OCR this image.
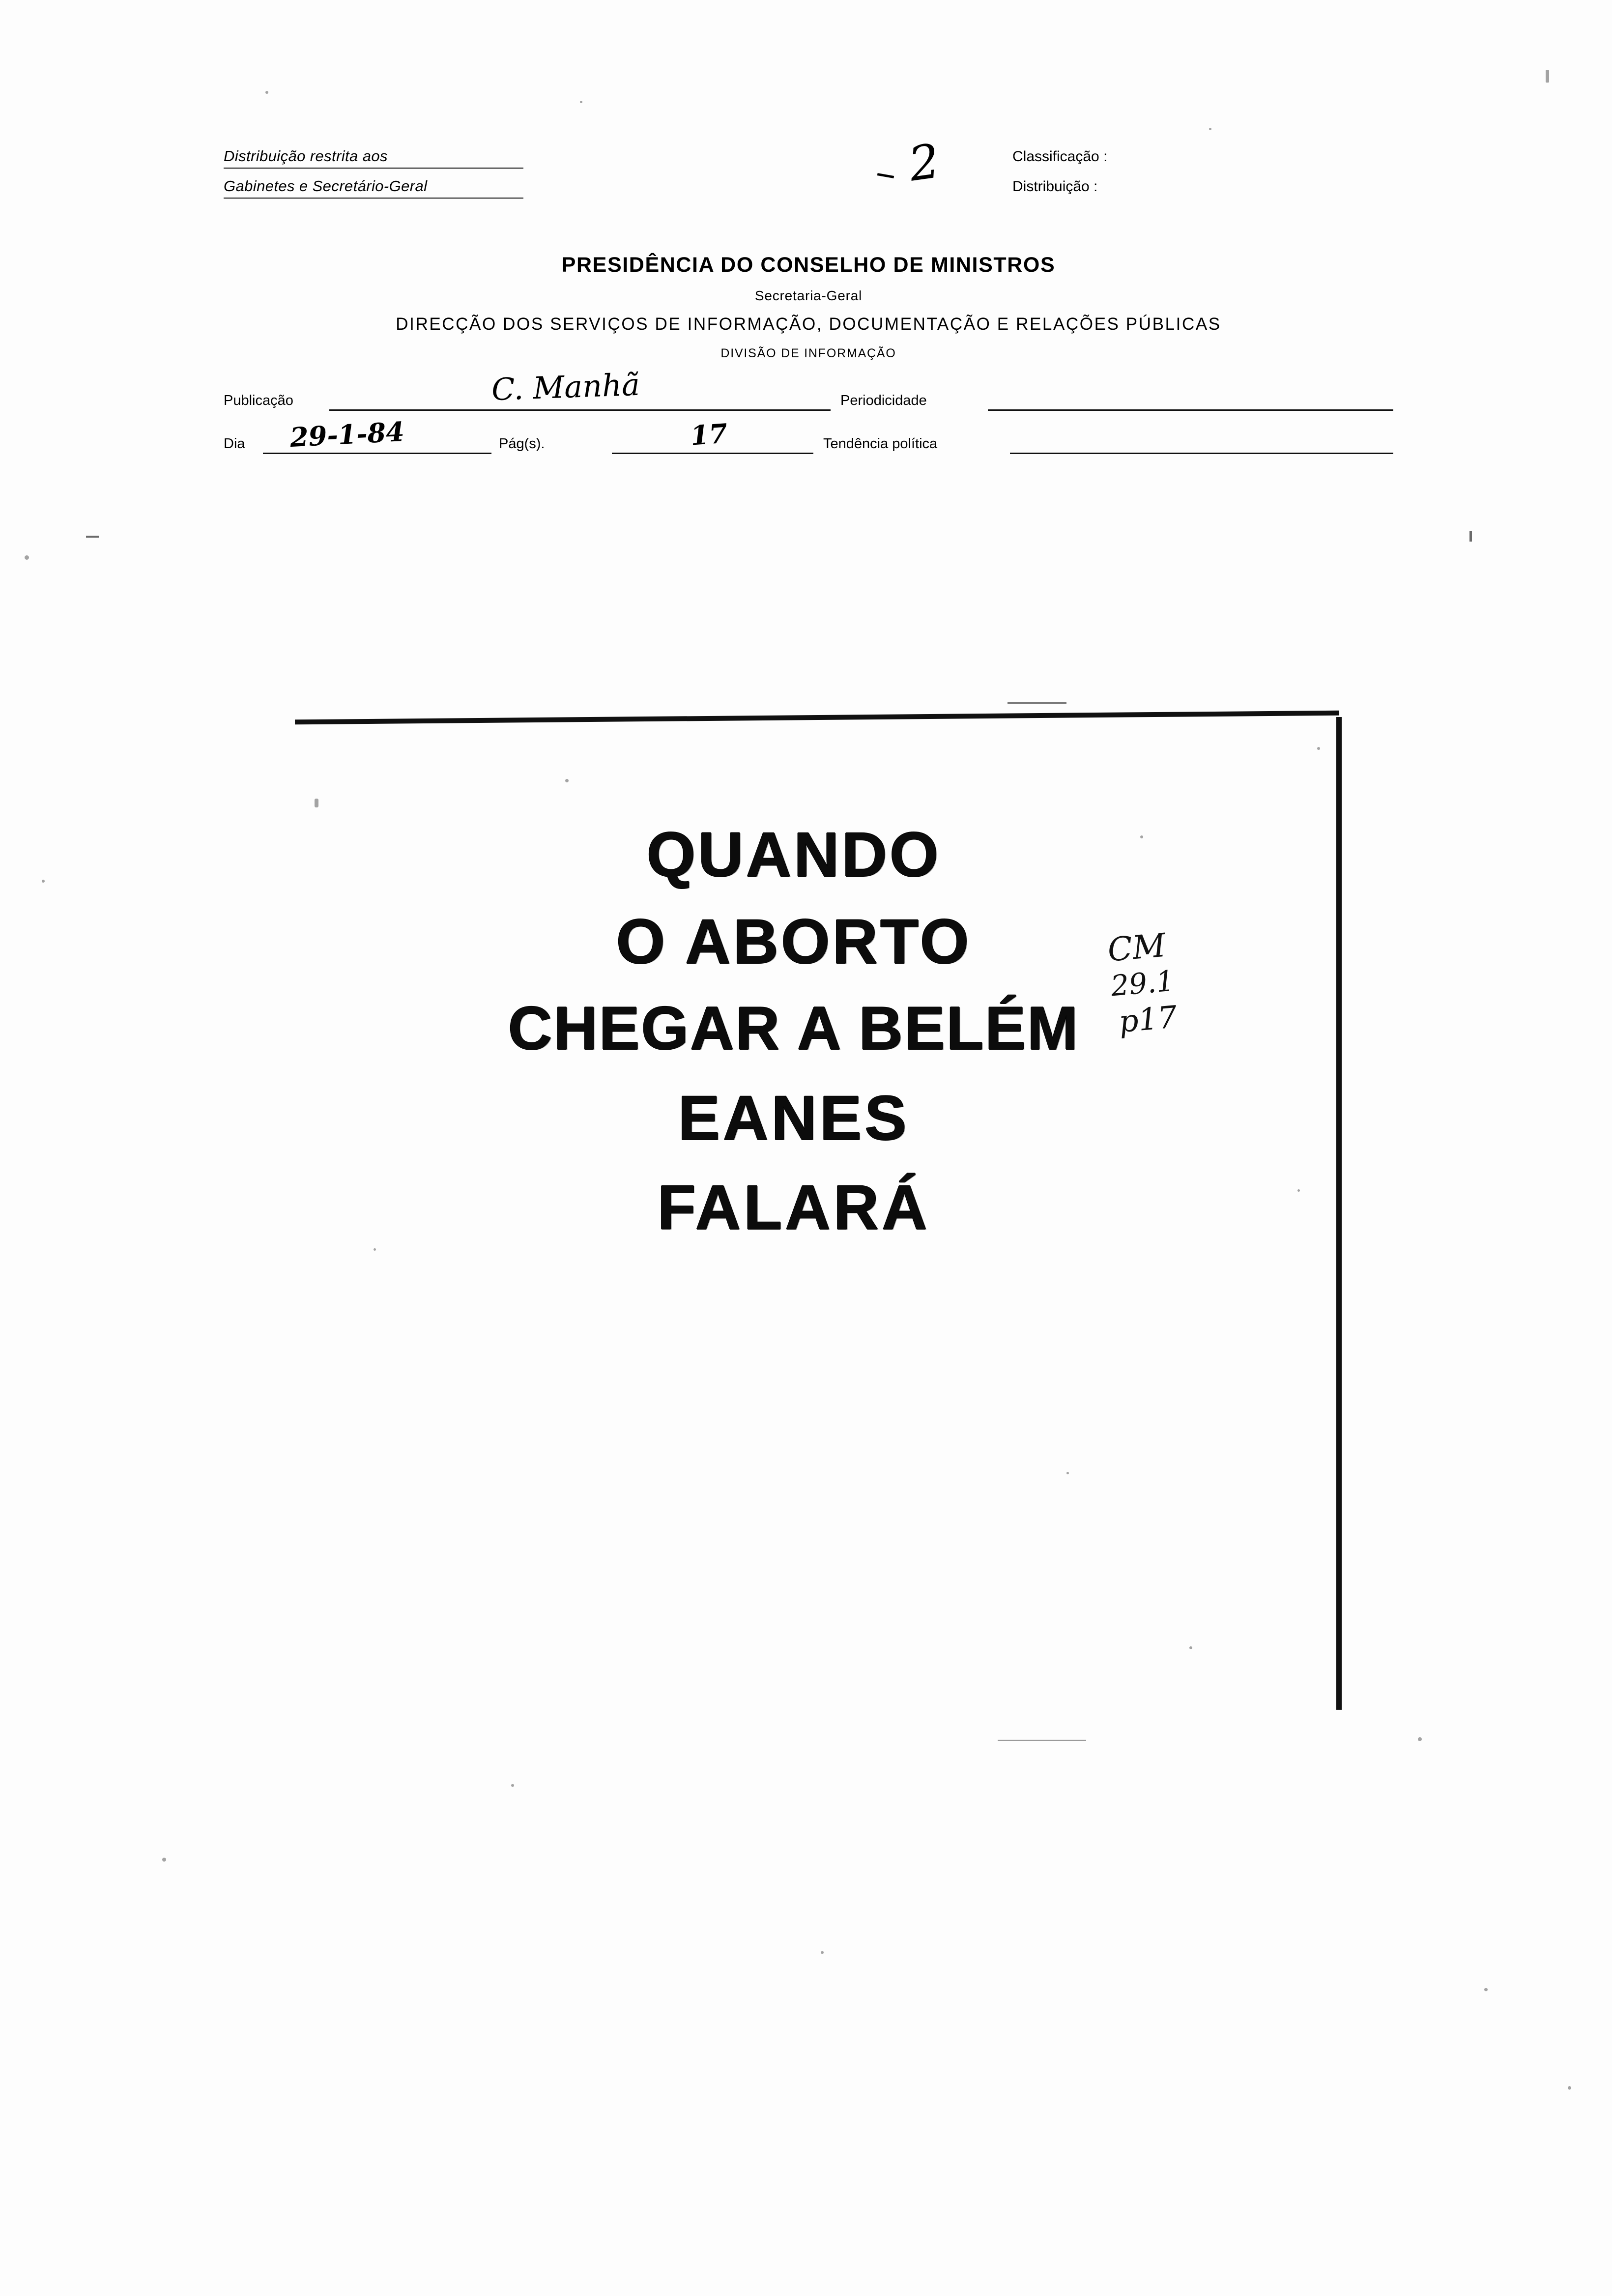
Distribuição restrita aos
Gabinetes e Secretário-Geral	2	Classificação :
Distribuição :
PRESIDÊNCIA DO CONSELHO DE MINISTROS
Secretaria-Geral
DIRECÇÃO DOS SERVIÇOS DE INFORMAÇÃO, DOCUMENTAÇÃO E RELAÇÕES PÚBLICAS
DIVISÃO DE INFORMAÇÃO
Publicação	C. Manhã	Periodicidade
Dia 29-1-84	Pág(s).	17	Tendência política
QUANDO
O ABORTO
CHEGAR A BELÉM
EANES
FALARÁ
CM
29.1
p17
